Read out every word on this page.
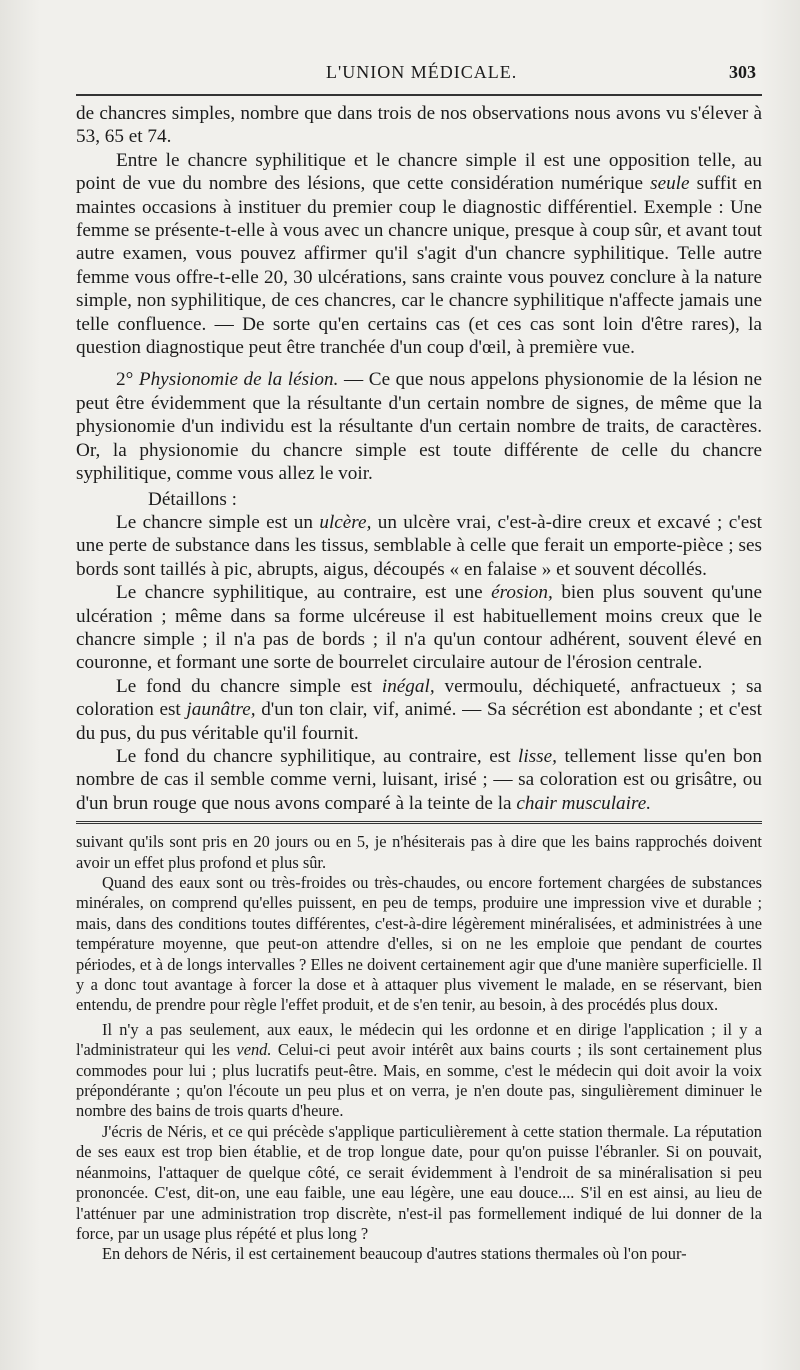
L'UNION MÉDICALE.	303

de chancres simples, nombre que dans trois de nos observations nous avons vu s'élever à 53, 65 et 74.

Entre le chancre syphilitique et le chancre simple il est une opposition telle, au point de vue du nombre des lésions, que cette considération numérique seule suffit en maintes occasions à instituer du premier coup le diagnostic différentiel. Exemple : Une femme se présente-t-elle à vous avec un chancre unique, presque à coup sûr, et avant tout autre examen, vous pouvez affirmer qu'il s'agit d'un chancre syphilitique. Telle autre femme vous offre-t-elle 20, 30 ulcérations, sans crainte vous pouvez conclure à la nature simple, non syphilitique, de ces chancres, car le chancre syphilitique n'affecte jamais une telle confluence. — De sorte qu'en certains cas (et ces cas sont loin d'être rares), la question diagnostique peut être tranchée d'un coup d'œil, à première vue.

2° Physionomie de la lésion. — Ce que nous appelons physionomie de la lésion ne peut être évidemment que la résultante d'un certain nombre de signes, de même que la physionomie d'un individu est la résultante d'un certain nombre de traits, de caractères. Or, la physionomie du chancre simple est toute différente de celle du chancre syphilitique, comme vous allez le voir.

Détaillons :

Le chancre simple est un ulcère, un ulcère vrai, c'est-à-dire creux et excavé ; c'est une perte de substance dans les tissus, semblable à celle que ferait un emporte-pièce ; ses bords sont taillés à pic, abrupts, aigus, découpés « en falaise » et souvent décollés.

Le chancre syphilitique, au contraire, est une érosion, bien plus souvent qu'une ulcération ; même dans sa forme ulcéreuse il est habituellement moins creux que le chancre simple ; il n'a pas de bords ; il n'a qu'un contour adhérent, souvent élevé en couronne, et formant une sorte de bourrelet circulaire autour de l'érosion centrale.

Le fond du chancre simple est inégal, vermoulu, déchiqueté, anfractueux ; sa coloration est jaunâtre, d'un ton clair, vif, animé. — Sa sécrétion est abondante ; et c'est du pus, du pus véritable qu'il fournit.

Le fond du chancre syphilitique, au contraire, est lisse, tellement lisse qu'en bon nombre de cas il semble comme verni, luisant, irisé ; — sa coloration est ou grisâtre, ou d'un brun rouge que nous avons comparé à la teinte de la chair musculaire.

suivant qu'ils sont pris en 20 jours ou en 5, je n'hésiterais pas à dire que les bains rapprochés doivent avoir un effet plus profond et plus sûr.

Quand des eaux sont ou très-froides ou très-chaudes, ou encore fortement chargées de substances minérales, on comprend qu'elles puissent, en peu de temps, produire une impression vive et durable ; mais, dans des conditions toutes différentes, c'est-à-dire légèrement minéralisées, et administrées à une température moyenne, que peut-on attendre d'elles, si on ne les emploie que pendant de courtes périodes, et à de longs intervalles ? Elles ne doivent certainement agir que d'une manière superficielle. Il y a donc tout avantage à forcer la dose et à attaquer plus vivement le malade, en se réservant, bien entendu, de prendre pour règle l'effet produit, et de s'en tenir, au besoin, à des procédés plus doux.

Il n'y a pas seulement, aux eaux, le médecin qui les ordonne et en dirige l'application ; il y a l'administrateur qui les vend. Celui-ci peut avoir intérêt aux bains courts ; ils sont certainement plus commodes pour lui ; plus lucratifs peut-être. Mais, en somme, c'est le médecin qui doit avoir la voix prépondérante ; qu'on l'écoute un peu plus et on verra, je n'en doute pas, singulièrement diminuer le nombre des bains de trois quarts d'heure.

J'écris de Néris, et ce qui précède s'applique particulièrement à cette station thermale. La réputation de ses eaux est trop bien établie, et de trop longue date, pour qu'on puisse l'ébranler. Si on pouvait, néanmoins, l'attaquer de quelque côté, ce serait évidemment à l'endroit de sa minéralisation si peu prononcée. C'est, dit-on, une eau faible, une eau légère, une eau douce.... S'il en est ainsi, au lieu de l'atténuer par une administration trop discrète, n'est-il pas formellement indiqué de lui donner de la force, par un usage plus répété et plus long ?

En dehors de Néris, il est certainement beaucoup d'autres stations thermales où l'on pour-
